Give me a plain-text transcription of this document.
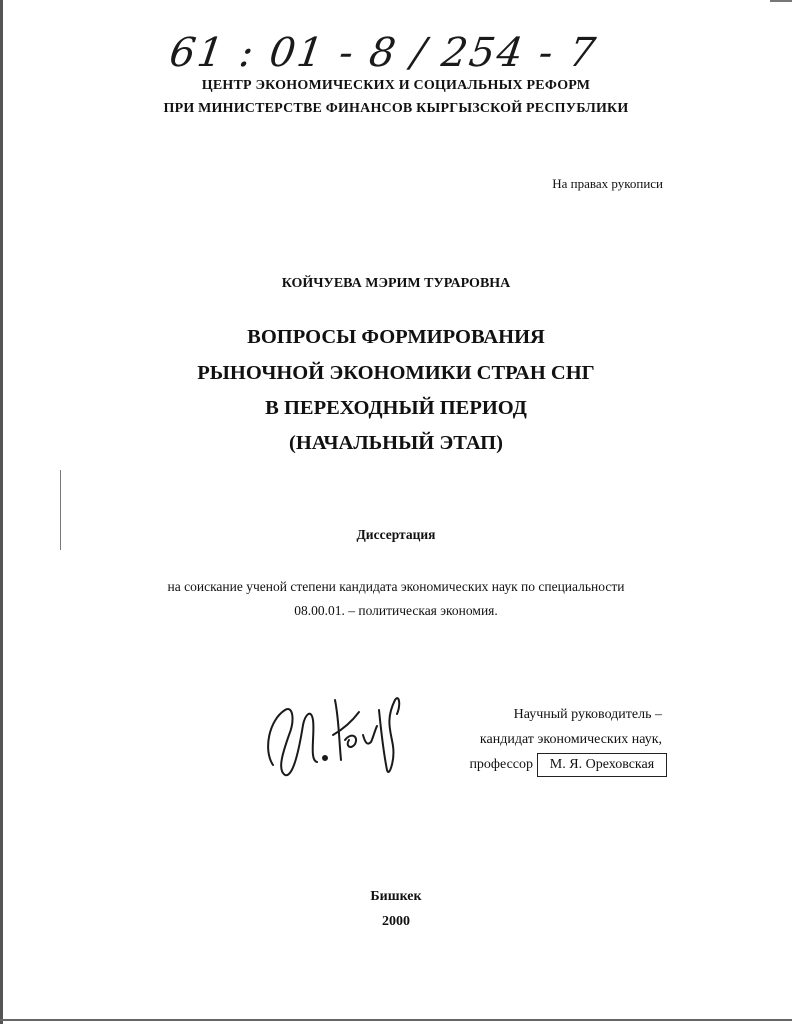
61 : 01 - 8 / 254 - 7
ЦЕНТР ЭКОНОМИЧЕСКИХ И СОЦИАЛЬНЫХ РЕФОРМ
ПРИ МИНИСТЕРСТВЕ ФИНАНСОВ КЫРГЫЗСКОЙ РЕСПУБЛИКИ
На правах рукописи
КОЙЧУЕВА МЭРИМ ТУРАРОВНА
ВОПРОСЫ ФОРМИРОВАНИЯ
РЫНОЧНОЙ ЭКОНОМИКИ СТРАН СНГ
В ПЕРЕХОДНЫЙ ПЕРИОД
(НАЧАЛЬНЫЙ ЭТАП)
Диссертация
на соискание ученой степени кандидата экономических наук по специальности
08.00.01. – политическая экономия.
Научный руководитель –
кандидат экономических наук,
профессор	М. Я. Ореховская
Бишкек
2000
